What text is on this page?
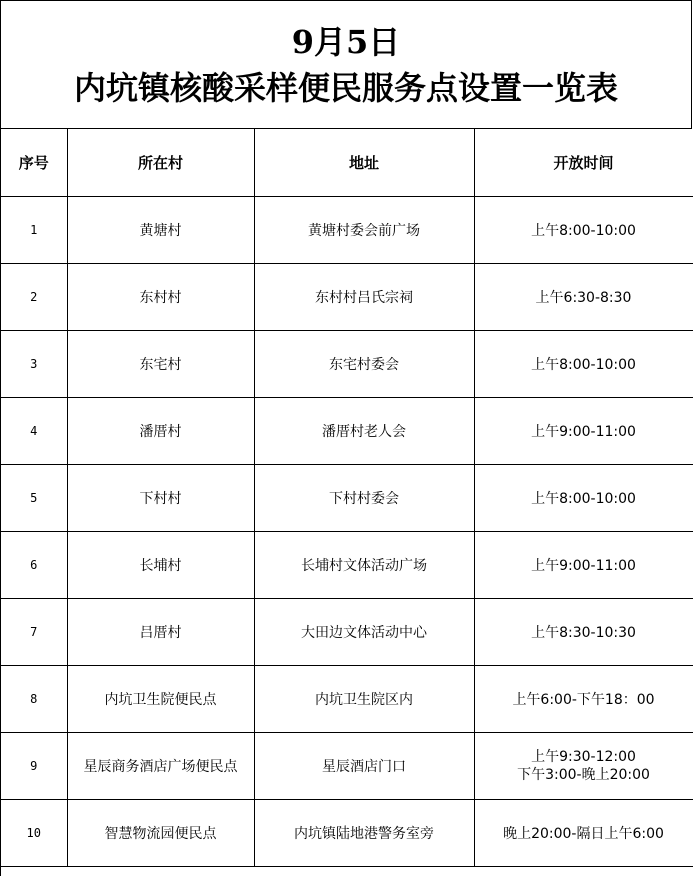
9月5日
内坑镇核酸采样便民服务点设置一览表
序号	所在村	地址	开放时间
1	黄塘村	黄塘村委会前广场	上午8:00-10:00
2	东村村	东村村吕氏宗祠	上午6:30-8:30
3	东宅村	东宅村委会	上午8:00-10:00
4	潘厝村	潘厝村老人会	上午9:00-11:00
5	下村村	下村村委会	上午8:00-10:00
6	长埔村	长埔村文体活动广场	上午9:00-11:00
7	吕厝村	大田边文体活动中心	上午8:30-10:30
8	内坑卫生院便民点	内坑卫生院区内	上午6:00-下午18：00
9	星辰商务酒店广场便民点	星辰酒店门口	上午9:30-12:00
下午3:00-晚上20:00

10	智慧物流园便民点	内坑镇陆地港警务室旁	晚上20:00-隔日上午6:00
